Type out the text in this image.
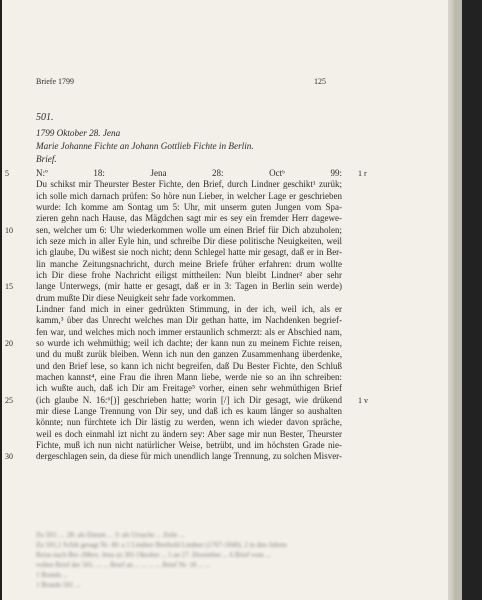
Briefe 1799	125
501.
1799 Oktober 28. Jena
Marie Johanne Fichte an Johann Gottlieb Fichte in Berlin.
Brief.
5	N:º 18: Jena 28: Octᵇ 99: 1 r
Du schikst mir Theurster Bester Fichte, den Brief, durch Lindner geschikt¹ zurük;
ich solle mich darnach prüfen: So höre nun Lieber, in welcher Lage er geschrieben
wurde: Ich komme am Sontag um 5: Uhr, mit unserm guten Jungen vom Spa-
zieren gehn nach Hause, das Mägdchen sagt mir es sey ein fremder Herr dagewe-
10	sen, welcher um 6: Uhr wiederkommen wolle um einen Brief für Dich abzuholen;
ich seze mich in aller Eyle hin, und schreibe Dir diese politische Neuigkeiten, weil
ich glaube, Du wißest sie noch nicht; denn Schlegel hatte mir gesagt, daß er in Ber-
lin manche Zeitungsnachricht, durch meine Briefe früher erfahren: drum wollte
ich Dir diese frohe Nachricht eiligst mittheilen: Nun bleibt Lindner² aber sehr
15	lange Unterwegs, (mir hatte er gesagt, daß er in 3: Tagen in Berlin sein werde)
drum mußte Dir diese Neuigkeit sehr fade vorkommen.
Lindner fand mich in einer gedrükten Stimmung, in der ich, weil ich, als er
kamm,³ über das Unrecht welches man Dir gethan hatte, im Nachdenken begrief-
fen war, und welches mich noch immer erstaunlich schmerzt: als er Abschied nam,
20	so wurde ich wehmüthig; weil ich dachte; der kann nun zu meinem Fichte reisen,
und du mußt zurük bleiben. Wenn ich nun den ganzen Zusammenhang überdenke,
und den Brief lese, so kann ich nicht begreifen, daß Du Bester Fichte, den Schluß
machen kannst⁴, eine Frau die ihren Mann liebe, werde nie so an ihn schreiben:
ich wußte auch, daß ich Dir am Freitage⁵ vorher, einen sehr wehmüthigen Brief
25	(ich glaube N. 16:⁶[)] geschrieben hatte; worin [/] ich Dir gesagt, wie drükend 1 v
mir diese Lange Trennung von Dir sey, und daß ich es kaum länger so aushalten
könnte; nun fürchtete ich Dir lästig zu werden, wenn ich wieder davon spräche,
weil es doch einmahl izt nicht zu ändern sey: Aber sage mir nun Bester, Theurster
Fichte, muß ich nun nicht natürlicher Weise, betrübt, und im höchsten Grade nie-
30	dergeschlagen sein, da diese für mich unendlich lange Trennung, zu solchen Misver-
Zu 501: ... 28: als Datum ... 3: als Ursache ... Zeile ...
Zu 501,1 Schik gesagt Nr. 49: a 1 Lindner Berthold Lindner (1767-1840). 2 in den Jahren
Reise nach Ber. (Mers. Jena zu 301 Oktober ... 5 an 27. Dezember ... 6 Brief vom ...
vollen Brief der 501. ... ... Brief an ... ... ... ... Brief Nr. 18 ... ...
1 Brands ...
1 Brands 501 ...
